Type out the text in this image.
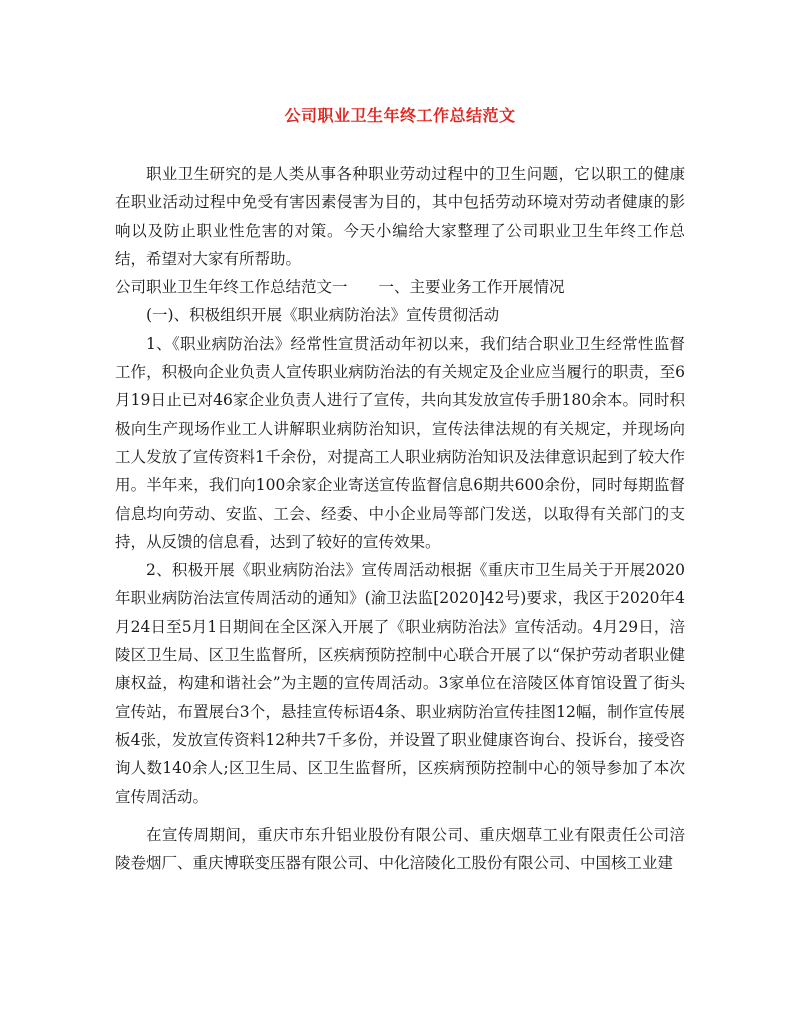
公司职业卫生年终工作总结范文

职业卫生研究的是人类从事各种职业劳动过程中的卫生问题，它以职工的健康在职业活动过程中免受有害因素侵害为目的，其中包括劳动环境对劳动者健康的影响以及防止职业性危害的对策。今天小编给大家整理了公司职业卫生年终工作总结，希望对大家有所帮助。

公司职业卫生年终工作总结范文一　　一、主要业务工作开展情况

(一)、积极组织开展《职业病防治法》宣传贯彻活动

1、《职业病防治法》经常性宣贯活动年初以来，我们结合职业卫生经常性监督工作，积极向企业负责人宣传职业病防治法的有关规定及企业应当履行的职责，至6月19日止已对46家企业负责人进行了宣传，共向其发放宣传手册180余本。同时积极向生产现场作业工人讲解职业病防治知识，宣传法律法规的有关规定，并现场向工人发放了宣传资料1千余份，对提高工人职业病防治知识及法律意识起到了较大作用。半年来，我们向100余家企业寄送宣传监督信息6期共600余份，同时每期监督信息均向劳动、安监、工会、经委、中小企业局等部门发送，以取得有关部门的支持，从反馈的信息看，达到了较好的宣传效果。

2、积极开展《职业病防治法》宣传周活动根据《重庆市卫生局关于开展2020年职业病防治法宣传周活动的通知》(渝卫法监[2020]42号)要求，我区于2020年4月24日至5月1日期间在全区深入开展了《职业病防治法》宣传活动。4月29日，涪陵区卫生局、区卫生监督所，区疾病预防控制中心联合开展了以“保护劳动者职业健康权益，构建和谐社会”为主题的宣传周活动。3家单位在涪陵区体育馆设置了街头宣传站，布置展台3个，悬挂宣传标语4条、职业病防治宣传挂图12幅，制作宣传展板4张，发放宣传资料12种共7千多份，并设置了职业健康咨询台、投诉台，接受咨询人数140余人;区卫生局、区卫生监督所，区疾病预防控制中心的领导参加了本次宣传周活动。

在宣传周期间，重庆市东升铝业股份有限公司、重庆烟草工业有限责任公司涪陵卷烟厂、重庆博联变压器有限公司、中化涪陵化工股份有限公司、中国核工业建
